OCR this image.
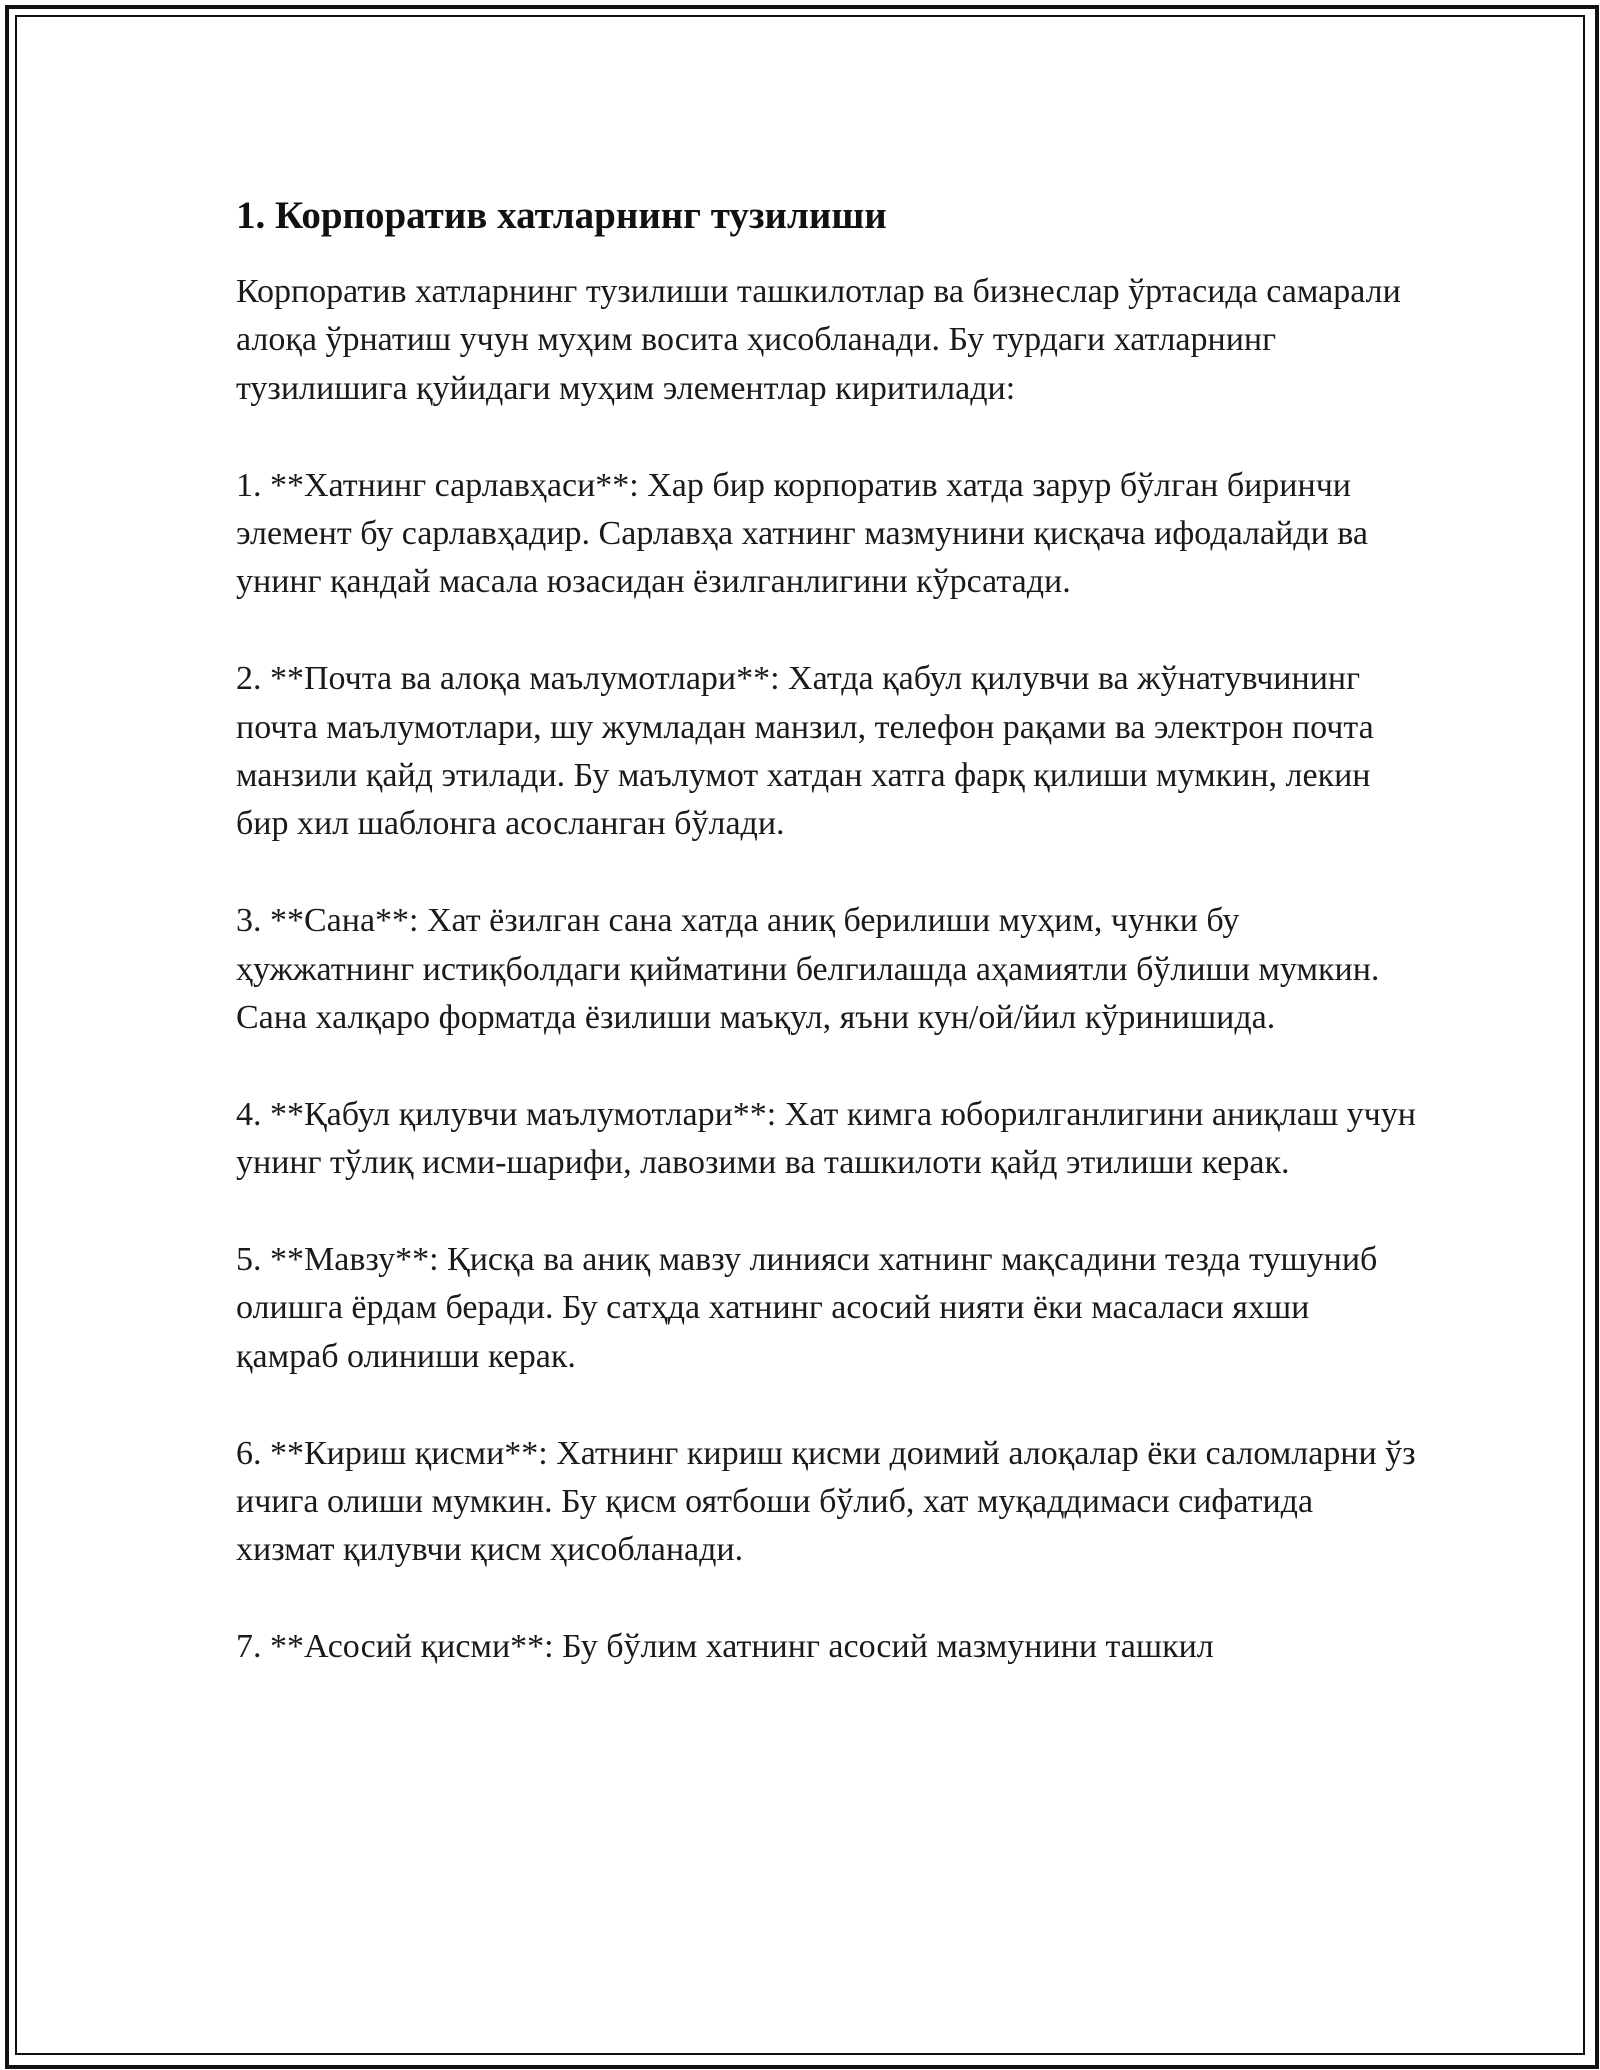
1. Корпоратив хатларнинг тузилиши

Корпоратив хатларнинг тузилиши ташкилотлар ва бизнеслар ўртасида самарали алоқа ўрнатиш учун муҳим восита ҳисобланади. Бу турдаги хатларнинг тузилишига қуйидаги муҳим элементлар киритилади:

1. **Хатнинг сарлавҳаси**: Хар бир корпоратив хатда зарур бўлган биринчи элемент бу сарлавҳадир. Сарлавҳа хатнинг мазмунини қисқача ифодалайди ва унинг қандай масала юзасидан ёзилганлигини кўрсатади.

2. **Почта ва алоқа маълумотлари**: Хатда қабул қилувчи ва жўнатувчининг почта маълумотлари, шу жумладан манзил, телефон рақами ва электрон почта манзили қайд этилади. Бу маълумот хатдан хатга фарқ қилиши мумкин, лекин бир хил шаблонга асосланган бўлади.

3. **Сана**: Хат ёзилган сана хатда аниқ берилиши муҳим, чунки бу ҳужжатнинг истиқболдаги қийматини белгилашда аҳамиятли бўлиши мумкин. Сана халқаро форматда ёзилиши маъқул, яъни кун/ой/йил кўринишида.

4. **Қабул қилувчи маълумотлари**: Хат кимга юборилганлигини аниқлаш учун унинг тўлиқ исми-шарифи, лавозими ва ташкилоти қайд этилиши керак.

5. **Мавзу**: Қисқа ва аниқ мавзу линияси хатнинг мақсадини тезда тушуниб олишга ёрдам беради. Бу сатҳда хатнинг асосий нияти ёки масаласи яхши қамраб олиниши керак.

6. **Кириш қисми**: Хатнинг кириш қисми доимий алоқалар ёки саломларни ўз ичига олиши мумкин. Бу қисм оятбоши бўлиб, хат муқаддимаси сифатида хизмат қилувчи қисм ҳисобланади.

7. **Асосий қисми**: Бу бўлим хатнинг асосий мазмунини ташкил
